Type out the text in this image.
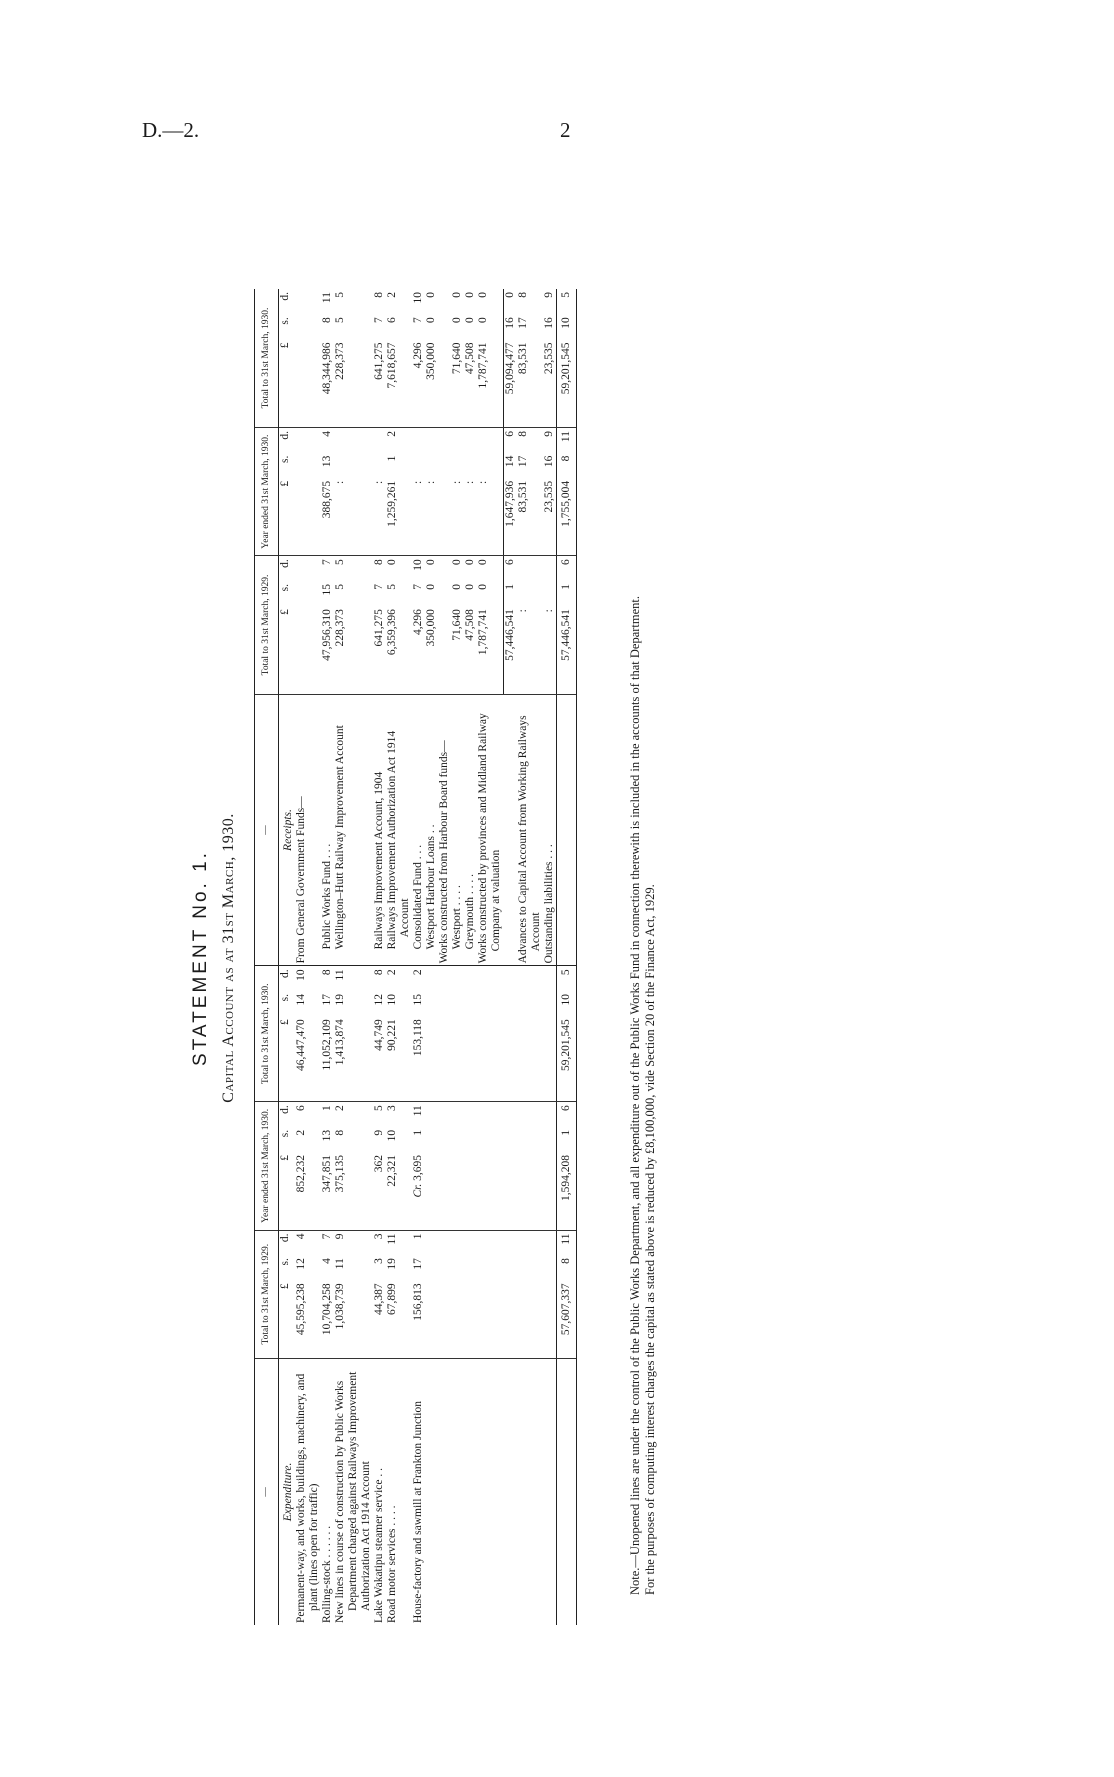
D.—2.	2
STATEMENT No. 1. Capital Account as at 31st March, 1930.
—	Total to 31st March, 1929.			Year ended 31st March, 1930.			Total to 31st March, 1930.			—	Total to 31st March, 1929.			Year ended 31st March, 1930.			Total to 31st March, 1930.		
Expenditure.	£	s.	d.	£	s.	d.	£	s.	d.	Receipts.	£	s.	d.	£	s.	d.	£	s.	d.
Permanent-way, and works, buildings, machinery, and plant (lines open for traffic)	45,595,238	12	4	852,232	2	6	46,447,470	14	10	From General Government Funds—									
Rolling-stock . . . . . .	10,704,258	4	7	347,851	13	1	11,052,109	17	8	Public Works Fund . . .	47,956,310	15	7	388,675	13	4	48,344,986	8	11
New lines in course of construction by Public Works Department charged against Railways Improvement Authorization Act 1914 Account	1,038,739	11	9	375,135	8	2	1,413,874	19	11	Wellington–Hutt Railway Improvement Account	228,373	5	5	:			228,373	5	5
Lake Wakatipu steamer service . .	44,387	3	3	362	9	5	44,749	12	8	Railways Improvement Account, 1904	641,275	7	8	:			641,275	7	8
Road motor services . . . .	67,899	19	11	22,321	10	3	90,221	10	2	Railways Improvement Authorization Act 1914 Account	6,359,396	5	0	1,259,261	1	2	7,618,657	6	2
House-factory and sawmill at Frankton Junction	156,813	17	1	Cr. 3,695	1	11	153,118	15	2	Consolidated Fund . . .	4,296	7	10	:			4,296	7	10
										Westport Harbour Loans . .	350,000	0	0	:			350,000	0	0
										Works constructed from Harbour Board funds—									
										Westport . . . .	71,640	0	0	:			71,640	0	0
										Greymouth . . . .	47,508	0	0	:			47,508	0	0
										Works constructed by provinces and Midland Railway Company at valuation	1,787,741	0	0	:			1,787,741	0	0
											57,446,541	1	6	1,647,936	14	6	59,094,477	16	0
										Advances to Capital Account from Working Railways Account	:			83,531	17	8	83,531	17	8
										Outstanding liabilities . . .	:			23,535	16	9	23,535	16	9
	57,607,337	8	11	1,594,208	1	6	59,201,545	10	5		57,446,541	1	6	1,755,004	8	11	59,201,545	10	5

Note.—Unopened lines are under the control of the Public Works Department, and all expenditure out of the Public Works Fund in connection therewith is included in the accounts of that Department. For the purposes of computing interest charges the capital as stated above is reduced by £8,100,000, vide Section 20 of the Finance Act, 1929.
